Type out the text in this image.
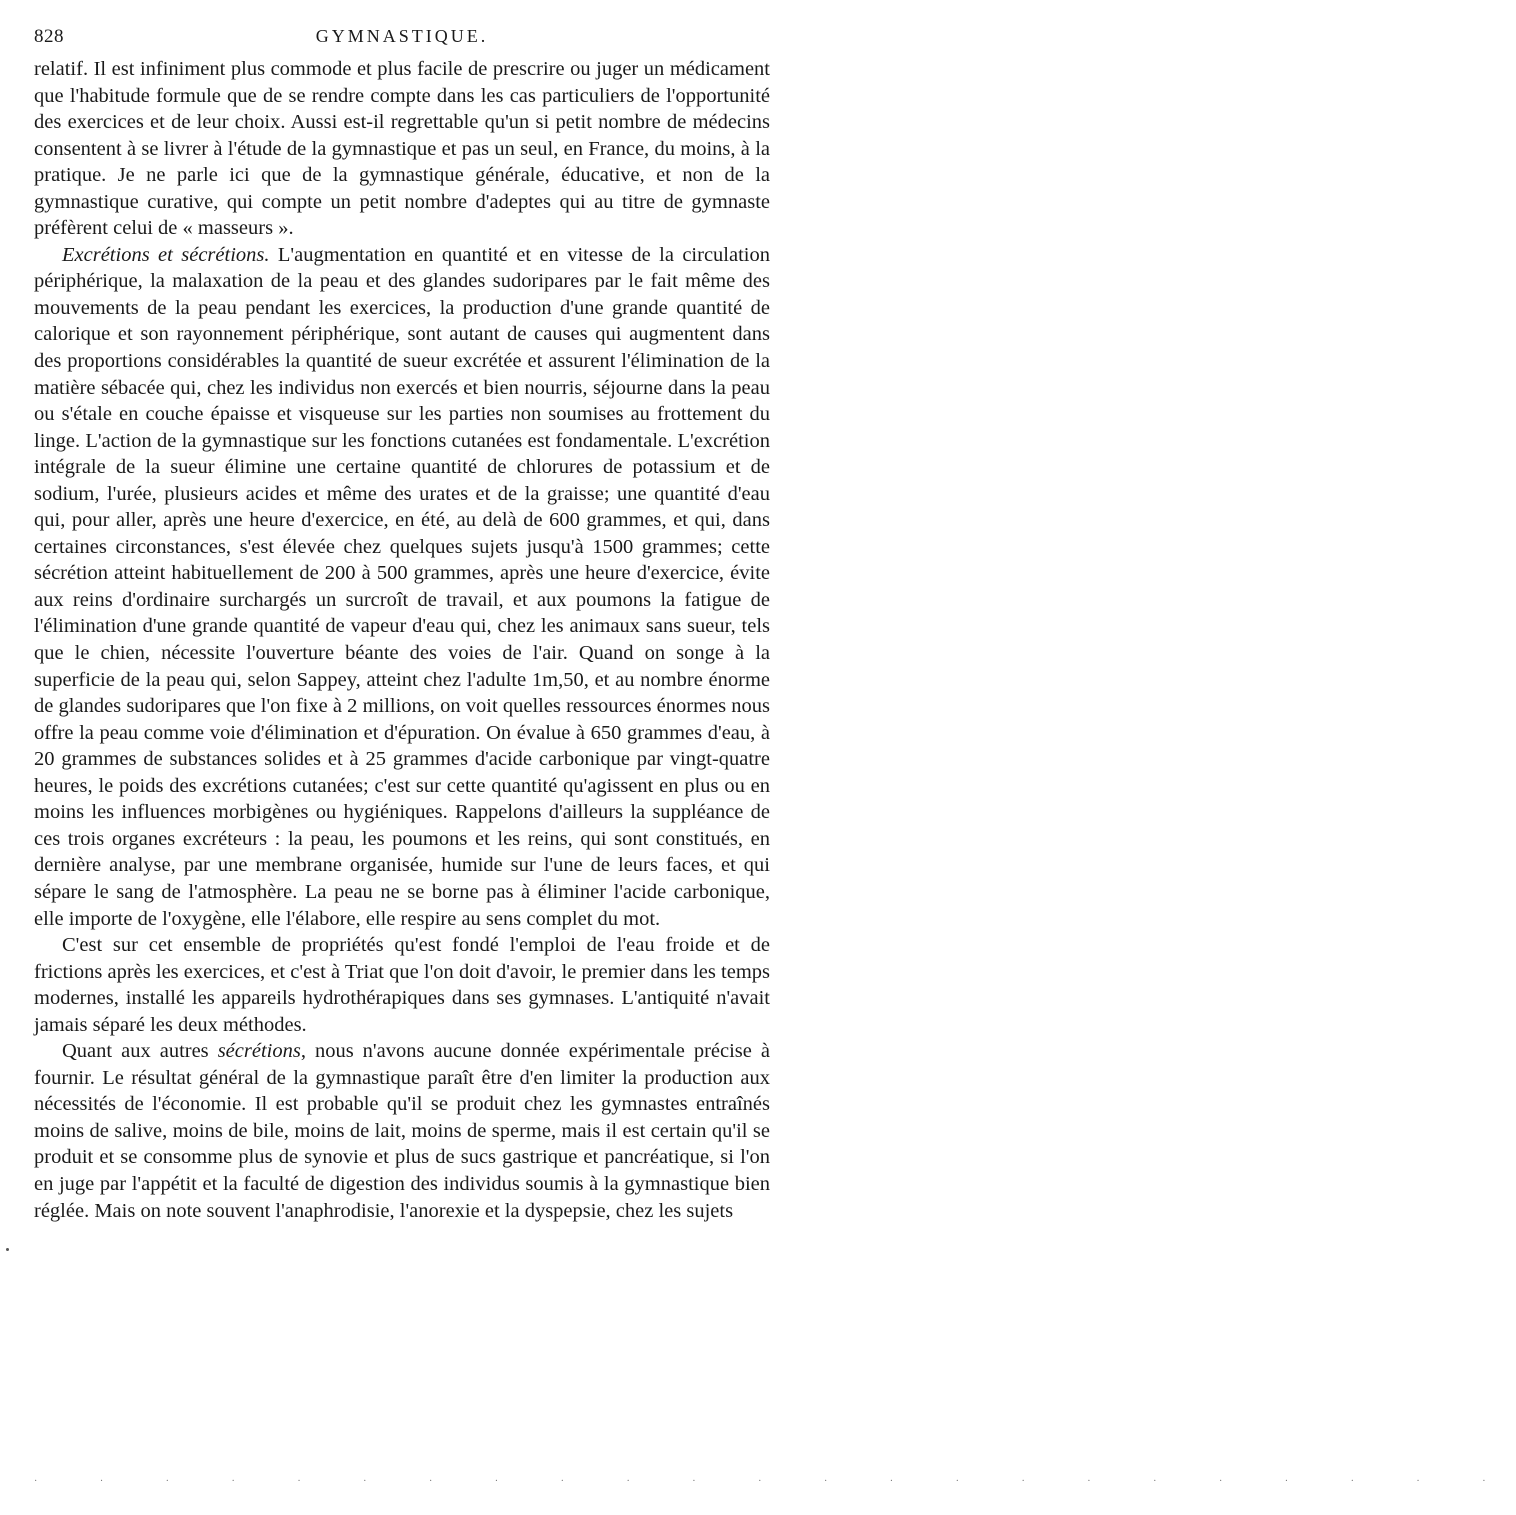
828	GYMNASTIQUE.

relatif. Il est infiniment plus commode et plus facile de prescrire ou juger un médicament que l'habitude formule que de se rendre compte dans les cas particuliers de l'opportunité des exercices et de leur choix. Aussi est-il regrettable qu'un si petit nombre de médecins consentent à se livrer à l'étude de la gymnastique et pas un seul, en France, du moins, à la pratique. Je ne parle ici que de la gymnastique générale, éducative, et non de la gymnastique curative, qui compte un petit nombre d'adeptes qui au titre de gymnaste préfèrent celui de « masseurs ».

Excrétions et sécrétions. L'augmentation en quantité et en vitesse de la circulation périphérique, la malaxation de la peau et des glandes sudoripares par le fait même des mouvements de la peau pendant les exercices, la production d'une grande quantité de calorique et son rayonnement périphérique, sont autant de causes qui augmentent dans des proportions considérables la quantité de sueur excrétée et assurent l'élimination de la matière sébacée qui, chez les individus non exercés et bien nourris, séjourne dans la peau ou s'étale en couche épaisse et visqueuse sur les parties non soumises au frottement du linge. L'action de la gymnastique sur les fonctions cutanées est fondamentale. L'excrétion intégrale de la sueur élimine une certaine quantité de chlorures de potassium et de sodium, l'urée, plusieurs acides et même des urates et de la graisse; une quantité d'eau qui, pour aller, après une heure d'exercice, en été, au delà de 600 grammes, et qui, dans certaines circonstances, s'est élevée chez quelques sujets jusqu'à 1500 grammes; cette sécrétion atteint habituellement de 200 à 500 grammes, après une heure d'exercice, évite aux reins d'ordinaire surchargés un surcroît de travail, et aux poumons la fatigue de l'élimination d'une grande quantité de vapeur d'eau qui, chez les animaux sans sueur, tels que le chien, nécessite l'ouverture béante des voies de l'air. Quand on songe à la superficie de la peau qui, selon Sappey, atteint chez l'adulte 1m,50, et au nombre énorme de glandes sudoripares que l'on fixe à 2 millions, on voit quelles ressources énormes nous offre la peau comme voie d'élimination et d'épuration. On évalue à 650 grammes d'eau, à 20 grammes de substances solides et à 25 grammes d'acide carbonique par vingt-quatre heures, le poids des excrétions cutanées; c'est sur cette quantité qu'agissent en plus ou en moins les influences morbigènes ou hygiéniques. Rappelons d'ailleurs la suppléance de ces trois organes excréteurs : la peau, les poumons et les reins, qui sont constitués, en dernière analyse, par une membrane organisée, humide sur l'une de leurs faces, et qui sépare le sang de l'atmosphère. La peau ne se borne pas à éliminer l'acide carbonique, elle importe de l'oxygène, elle l'élabore, elle respire au sens complet du mot.

C'est sur cet ensemble de propriétés qu'est fondé l'emploi de l'eau froide et de frictions après les exercices, et c'est à Triat que l'on doit d'avoir, le premier dans les temps modernes, installé les appareils hydrothérapiques dans ses gymnases. L'antiquité n'avait jamais séparé les deux méthodes.

Quant aux autres sécrétions, nous n'avons aucune donnée expérimentale précise à fournir. Le résultat général de la gymnastique paraît être d'en limiter la production aux nécessités de l'économie. Il est probable qu'il se produit chez les gymnastes entraînés moins de salive, moins de bile, moins de lait, moins de sperme, mais il est certain qu'il se produit et se consomme plus de synovie et plus de sucs gastrique et pancréatique, si l'on en juge par l'appétit et la faculté de digestion des individus soumis à la gymnastique bien réglée. Mais on note souvent l'anaphrodisie, l'anorexie et la dyspepsie, chez les sujets

· · · · · · · · · · · · · · · · · · · · · · ·
